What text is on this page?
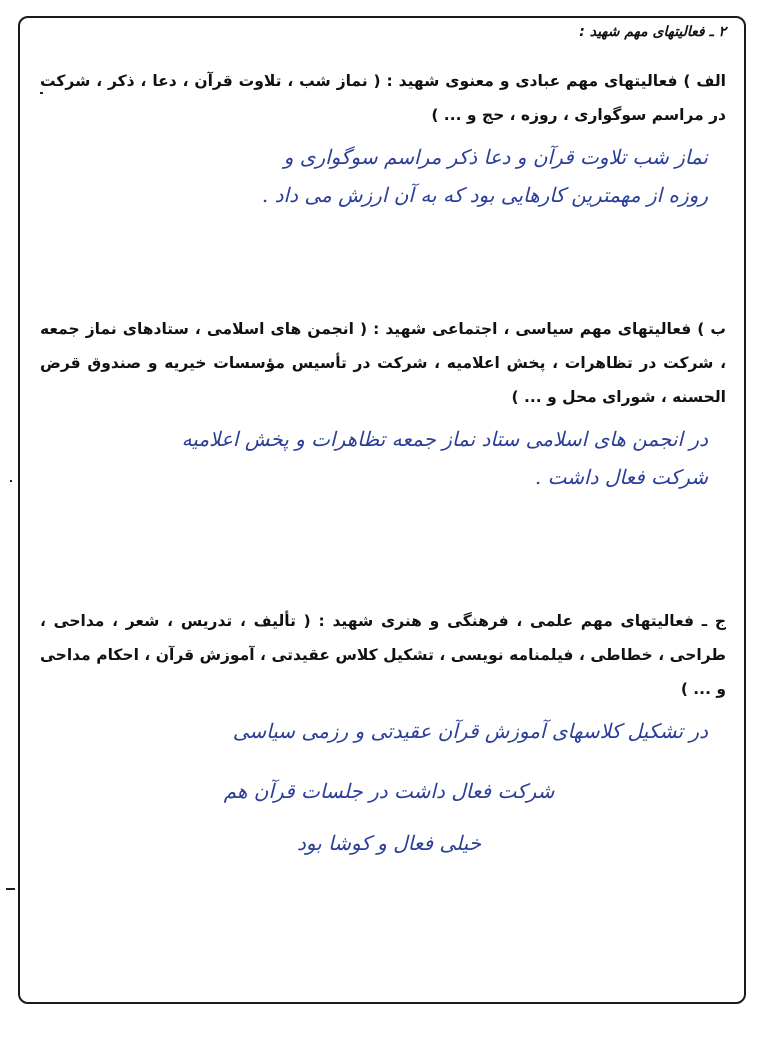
۲ ـ فعالیتهای مهم شهید :

الف ) فعالیتهای مهم عبادی و معنوی شهید : ( نماز شب ، تلاوت قرآن ، دعا ، ذکر ، شرکت در مراسم سوگواری ، روزه ، حج و ... )

نماز شب تلاوت قرآن و دعا ذکر مراسم سوگواری و
روزه از مهمترین کارهایی بود که به آن ارزش می داد .

ب ) فعالیتهای مهم سیاسی ، اجتماعی شهید : ( انجمن های اسلامی ، ستادهای نماز جمعه ، شرکت در تظاهرات ، پخش اعلامیه ، شرکت در تأسیس مؤسسات خیریه و صندوق قرض الحسنه ، شورای محل و ... )

در انجمن های اسلامی ستاد نماز جمعه تظاهرات و پخش اعلامیه
شرکت فعال داشت .

ج ـ فعالیتهای مهم علمی ، فرهنگی و هنری شهید : ( تألیف ، تدریس ، شعر ، مداحی ، طراحی ، خطاطی ، فیلمنامه نویسی ، تشکیل کلاس عقیدتی ، آموزش قرآن ، احکام مداحی و ... )

در تشکیل کلاسهای آموزش قرآن عقیدتی و رزمی سیاسی
شرکت فعال داشت در جلسات قرآن هم
خیلی فعال و کوشا بود
